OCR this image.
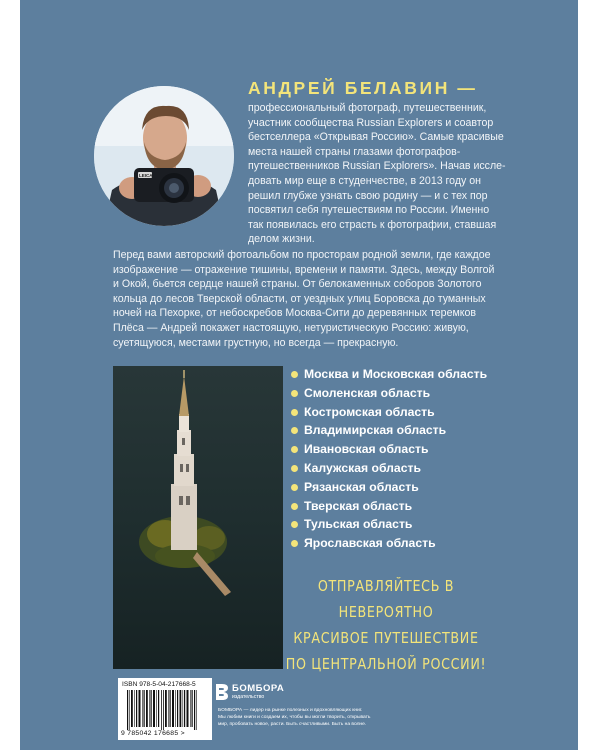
LEICA
АНДРЕЙ БЕЛАВИН —

профессиональный фотограф, путешественник,
участник сообщества Russian Explorers и соавтор
бестселлера «Открывая Россию». Самые красивые
места нашей страны глазами фотографов-
путешественников Russian Explorers». Начав иссле-
довать мир еще в студенчестве, в 2013 году он
решил глубже узнать свою родину — и с тех пор
посвятил себя путешествиям по России. Именно
так появилась его страсть к фотографии, ставшая
делом жизни.

Перед вами авторский фотоальбом по просторам родной земли, где каждое
изображение — отражение тишины, времени и памяти. Здесь, между Волгой
и Окой, бьется сердце нашей страны. От белокаменных соборов Золотого
кольца до лесов Тверской области, от уездных улиц Боровска до туманных
ночей на Пехорке, от небоскребов Москва-Сити до деревянных теремков
Плёса — Андрей покажет настоящую, нетуристическую Россию: живую,
суетящуюся, местами грустную, но всегда — прекрасную.

Москва и Московская область
Смоленская область
Костромская область
Владимирская область
Ивановская область
Калужская область
Рязанская область
Тверская область
Тульская область
Ярославская область

ОТПРАВЛЯЙТЕСЬ В НЕВЕРОЯТНО
КРАСИВОЕ ПУТЕШЕСТВИЕ
ПО ЦЕНТРАЛЬНОЙ РОССИИ!

ISBN 978-5-04-217668-5

9 785042 176685 >

БОМБОРА

издательство

БОМБОРА — лидер на рынке полезных и вдохновляющих книг.
Мы любим книги и создаем их, чтобы вы могли творить, открывать
мир, пробовать новое, расти. Быть счастливыми. Быть на волне.
